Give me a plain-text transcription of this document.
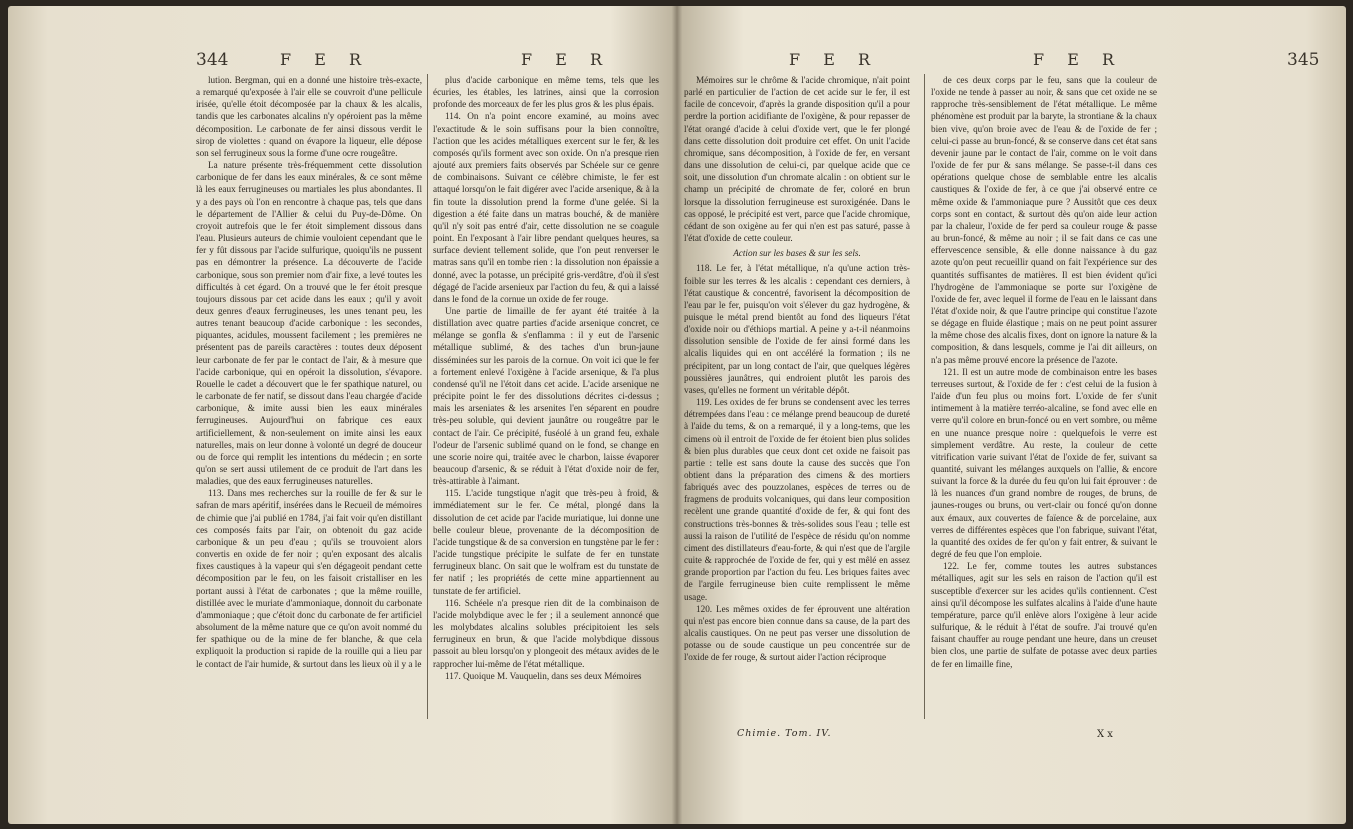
344	F E R	F E R

lution. Bergman, qui en a donné une histoire très-exacte, a remarqué qu'exposée à l'air elle se couvroit d'une pellicule irisée, qu'elle étoit décomposée par la chaux & les alcalis, tandis que les carbonates alcalins n'y opéroient pas la même décomposition. Le carbonate de fer ainsi dissous verdit le sirop de violettes : quand on évapore la liqueur, elle dépose son sel ferrugineux sous la forme d'une ocre rougeâtre.

La nature présente très-fréquemment cette dissolution carbonique de fer dans les eaux minérales, & ce sont même là les eaux ferrugineuses ou martiales les plus abondantes. Il y a des pays où l'on en rencontre à chaque pas, tels que dans le département de l'Allier & celui du Puy-de-Dôme. On croyoit autrefois que le fer étoit simplement dissous dans l'eau. Plusieurs auteurs de chimie vouloient cependant que le fer y fût dissous par l'acide sulfurique, quoiqu'ils ne pussent pas en démontrer la présence. La découverte de l'acide carbonique, sous son premier nom d'air fixe, a levé toutes les difficultés à cet égard. On a trouvé que le fer étoit presque toujours dissous par cet acide dans les eaux ; qu'il y avoit deux genres d'eaux ferrugineuses, les unes tenant peu, les autres tenant beaucoup d'acide carbonique : les secondes, piquantes, acidules, moussent facilement ; les premières ne présentent pas de pareils caractères : toutes deux déposent leur carbonate de fer par le contact de l'air, & à mesure que l'acide carbonique, qui en opéroit la dissolution, s'évapore. Rouelle le cadet a découvert que le fer spathique naturel, ou le carbonate de fer natif, se dissout dans l'eau chargée d'acide carbonique, & imite aussi bien les eaux minérales ferrugineuses. Aujourd'hui on fabrique ces eaux artificiellement, & non-seulement on imite ainsi les eaux naturelles, mais on leur donne à volonté un degré de douceur ou de force qui remplit les intentions du médecin ; en sorte qu'on se sert aussi utilement de ce produit de l'art dans les maladies, que des eaux ferrugineuses naturelles.

113. Dans mes recherches sur la rouille de fer & sur le safran de mars apéritif, insérées dans le Recueil de mémoires de chimie que j'ai publié en 1784, j'ai fait voir qu'en distillant ces composés faits par l'air, on obtenoit du gaz acide carbonique & un peu d'eau ; qu'ils se trouvoient alors convertis en oxide de fer noir ; qu'en exposant des alcalis fixes caustiques à la vapeur qui s'en dégageoit pendant cette décomposition par le feu, on les faisoit cristalliser en les portant aussi à l'état de carbonates ; que la même rouille, distillée avec le muriate d'ammoniaque, donnoit du carbonate d'ammoniaque ; que c'étoit donc du carbonate de fer artificiel absolument de la même nature que ce qu'on avoit nommé du fer spathique ou de la mine de fer blanche, & que cela expliquoit la production si rapide de la rouille qui a lieu par le contact de l'air humide, & surtout dans les lieux où il y a le

plus d'acide carbonique en même tems, tels que les écuries, les étables, les latrines, ainsi que la corrosion profonde des morceaux de fer les plus gros & les plus épais.

114. On n'a point encore examiné, au moins avec l'exactitude & le soin suffisans pour la bien connoître, l'action que les acides métalliques exercent sur le fer, & les composés qu'ils forment avec son oxide. On n'a presque rien ajouté aux premiers faits observés par Schéele sur ce genre de combinaisons. Suivant ce célèbre chimiste, le fer est attaqué lorsqu'on le fait digérer avec l'acide arsenique, & à la fin toute la dissolution prend la forme d'une gelée. Si la digestion a été faite dans un matras bouché, & de manière qu'il n'y soit pas entré d'air, cette dissolution ne se coagule point. En l'exposant à l'air libre pendant quelques heures, sa surface devient tellement solide, que l'on peut renverser le matras sans qu'il en tombe rien : la dissolution non épaissie a donné, avec la potasse, un précipité gris-verdâtre, d'où il s'est dégagé de l'acide arsenieux par l'action du feu, & qui a laissé dans le fond de la cornue un oxide de fer rouge.

Une partie de limaille de fer ayant été traitée à la distillation avec quatre parties d'acide arsenique concret, ce mélange se gonfla & s'enflamma : il y eut de l'arsenic métallique sublimé, & des taches d'un brun-jaune disséminées sur les parois de la cornue. On voit ici que le fer a fortement enlevé l'oxigène à l'acide arsenique, & l'a plus condensé qu'il ne l'étoit dans cet acide. L'acide arsenique ne précipite point le fer des dissolutions décrites ci-dessus ; mais les arseniates & les arsenites l'en séparent en poudre très-peu soluble, qui devient jaunâtre ou rougeâtre par le contact de l'air. Ce précipité, fuséolé à un grand feu, exhale l'odeur de l'arsenic sublimé quand on le fond, se change en une scorie noire qui, traitée avec le charbon, laisse évaporer beaucoup d'arsenic, & se réduit à l'état d'oxide noir de fer, très-attirable à l'aimant.

115. L'acide tungstique n'agit que très-peu à froid, & immédiatement sur le fer. Ce métal, plongé dans la dissolution de cet acide par l'acide muriatique, lui donne une belle couleur bleue, provenante de la décomposition de l'acide tungstique & de sa conversion en tungstène par le fer : l'acide tungstique précipite le sulfate de fer en tunstate ferrugineux blanc. On sait que le wolfram est du tunstate de fer natif ; les propriétés de cette mine appartiennent au tunstate de fer artificiel.

116. Schéele n'a presque rien dit de la combinaison de l'acide molybdique avec le fer ; il a seulement annoncé que les molybdates alcalins solubles précipitoient les sels ferrugineux en brun, & que l'acide molybdique dissous passoit au bleu lorsqu'on y plongeoit des métaux avides de le rapprocher lui-même de l'état métallique.

117. Quoique M. Vauquelin, dans ses deux Mémoires

F E R	F E R	345

Mémoires sur le chrôme & l'acide chromique, n'ait point parlé en particulier de l'action de cet acide sur le fer, il est facile de concevoir, d'après la grande disposition qu'il a pour perdre la portion acidifiante de l'oxigène, & pour repasser de l'état orangé d'acide à celui d'oxide vert, que le fer plongé dans cette dissolution doit produire cet effet. On unit l'acide chromique, sans décomposition, à l'oxide de fer, en versant dans une dissolution de celui-ci, par quelque acide que ce soit, une dissolution d'un chromate alcalin : on obtient sur le champ un précipité de chromate de fer, coloré en brun lorsque la dissolution ferrugineuse est suroxigénée. Dans le cas opposé, le précipité est vert, parce que l'acide chromique, cédant de son oxigène au fer qui n'en est pas saturé, passe à l'état d'oxide de cette couleur.

Action sur les bases & sur les sels.

118. Le fer, à l'état métallique, n'a qu'une action très-foible sur les terres & les alcalis : cependant ces derniers, à l'état caustique & concentré, favorisent la décomposition de l'eau par le fer, puisqu'on voit s'élever du gaz hydrogène, & puisque le métal prend bientôt au fond des liqueurs l'état d'oxide noir ou d'éthiops martial. A peine y a-t-il néanmoins dissolution sensible de l'oxide de fer ainsi formé dans les alcalis liquides qui en ont accéléré la formation ; ils ne précipitent, par un long contact de l'air, que quelques légères poussières jaunâtres, qui endroient plutôt les parois des vases, qu'elles ne forment un véritable dépôt.

119. Les oxides de fer bruns se condensent avec les terres détrempées dans l'eau : ce mélange prend beaucoup de dureté à l'aide du tems, & on a remarqué, il y a long-tems, que les cimens où il entroit de l'oxide de fer étoient bien plus solides & bien plus durables que ceux dont cet oxide ne faisoit pas partie : telle est sans doute la cause des succès que l'on obtient dans la préparation des cimens & des mortiers fabriqués avec des pouzzolanes, espèces de terres ou de fragmens de produits volcaniques, qui dans leur composition recèlent une grande quantité d'oxide de fer, & qui font des constructions très-bonnes & très-solides sous l'eau ; telle est aussi la raison de l'utilité de l'espèce de résidu qu'on nomme ciment des distillateurs d'eau-forte, & qui n'est que de l'argile cuite & rapprochée de l'oxide de fer, qui y est mêlé en assez grande proportion par l'action du feu. Les briques faites avec de l'argile ferrugineuse bien cuite remplissent le même usage.

120. Les mêmes oxides de fer éprouvent une altération qui n'est pas encore bien connue dans sa cause, de la part des alcalis caustiques. On ne peut pas verser une dissolution de potasse ou de soude caustique un peu concentrée sur de l'oxide de fer rouge, & surtout aider l'action réciproque

de ces deux corps par le feu, sans que la couleur de l'oxide ne tende à passer au noir, & sans que cet oxide ne se rapproche très-sensiblement de l'état métallique. Le même phénomène est produit par la baryte, la strontiane & la chaux bien vive, qu'on broie avec de l'eau & de l'oxide de fer ; celui-ci passe au brun-foncé, & se conserve dans cet état sans devenir jaune par le contact de l'air, comme on le voit dans l'oxide de fer pur & sans mélange. Se passe-t-il dans ces opérations quelque chose de semblable entre les alcalis caustiques & l'oxide de fer, à ce que j'ai observé entre ce même oxide & l'ammoniaque pure ? Aussitôt que ces deux corps sont en contact, & surtout dès qu'on aide leur action par la chaleur, l'oxide de fer perd sa couleur rouge & passe au brun-foncé, & même au noir ; il se fait dans ce cas une effervescence sensible, & elle donne naissance à du gaz azote qu'on peut recueillir quand on fait l'expérience sur des quantités suffisantes de matières. Il est bien évident qu'ici l'hydrogène de l'ammoniaque se porte sur l'oxigène de l'oxide de fer, avec lequel il forme de l'eau en le laissant dans l'état d'oxide noir, & que l'autre principe qui constitue l'azote se dégage en fluide élastique ; mais on ne peut point assurer la même chose des alcalis fixes, dont on ignore la nature & la composition, & dans lesquels, comme je l'ai dit ailleurs, on n'a pas même prouvé encore la présence de l'azote.

121. Il est un autre mode de combinaison entre les bases terreuses surtout, & l'oxide de fer : c'est celui de la fusion à l'aide d'un feu plus ou moins fort. L'oxide de fer s'unit intimement à la matière terréo-alcaline, se fond avec elle en verre qu'il colore en brun-foncé ou en vert sombre, ou même en une nuance presque noire : quelquefois le verre est simplement verdâtre. Au reste, la couleur de cette vitrification varie suivant l'état de l'oxide de fer, suivant sa quantité, suivant les mélanges auxquels on l'allie, & encore suivant la force & la durée du feu qu'on lui fait éprouver : de là les nuances d'un grand nombre de rouges, de bruns, de jaunes-rouges ou bruns, ou vert-clair ou foncé qu'on donne aux émaux, aux couvertes de faïence & de porcelaine, aux verres de différentes espèces que l'on fabrique, suivant l'état, la quantité des oxides de fer qu'on y fait entrer, & suivant le degré de feu que l'on emploie.

122. Le fer, comme toutes les autres substances métalliques, agit sur les sels en raison de l'action qu'il est susceptible d'exercer sur les acides qu'ils contiennent. C'est ainsi qu'il décompose les sulfates alcalins à l'aide d'une haute température, parce qu'il enlève alors l'oxigène à leur acide sulfurique, & le réduit à l'état de soufre. J'ai trouvé qu'en faisant chauffer au rouge pendant une heure, dans un creuset bien clos, une partie de sulfate de potasse avec deux parties de fer en limaille fine,

Chimie. Tom. IV.	X x
